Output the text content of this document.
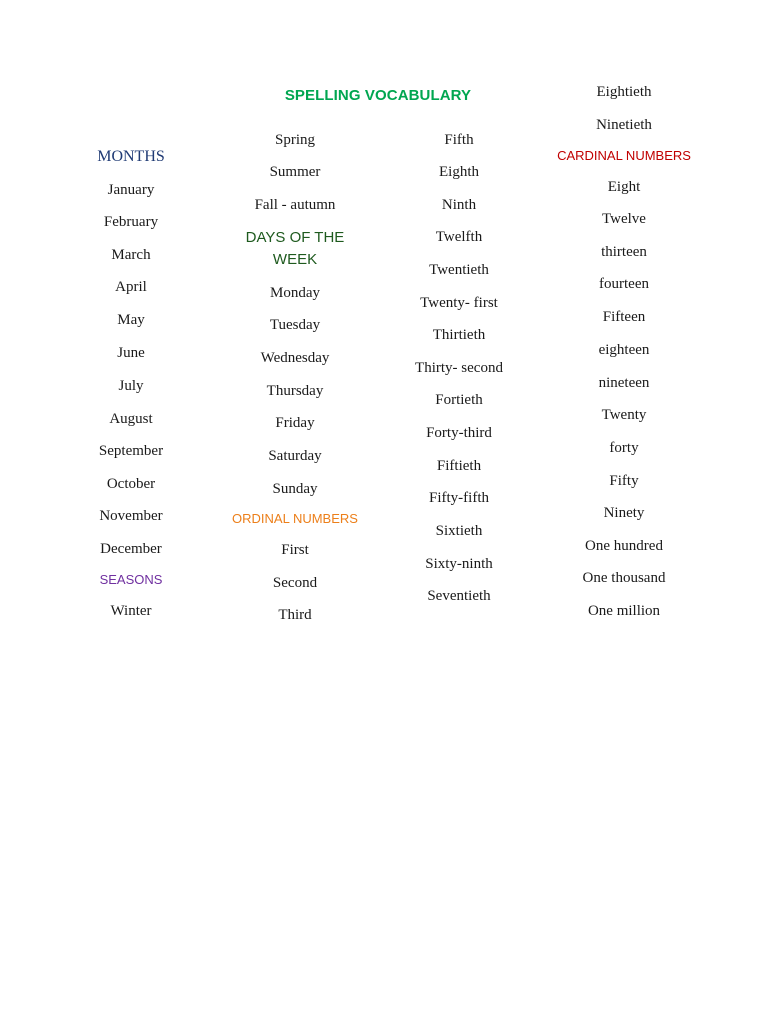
SPELLING VOCABULARY
MONTHS
January
February
March
April
May
June
July
August
September
October
November
December
SEASONS
Winter
Spring
Summer
Fall - autumn
DAYS OF THE WEEK
Monday
Tuesday
Wednesday
Thursday
Friday
Saturday
Sunday
ORDINAL NUMBERS
First
Second
Third
Fifth
Eighth
Ninth
Twelfth
Twentieth
Twenty- first
Thirtieth
Thirty- second
Fortieth
Forty-third
Fiftieth
Fifty-fifth
Sixtieth
Sixty-ninth
Seventieth
Eightieth
Ninetieth
CARDINAL NUMBERS
Eight
Twelve
thirteen
fourteen
Fifteen
eighteen
nineteen
Twenty
forty
Fifty
Ninety
One hundred
One thousand
One million
